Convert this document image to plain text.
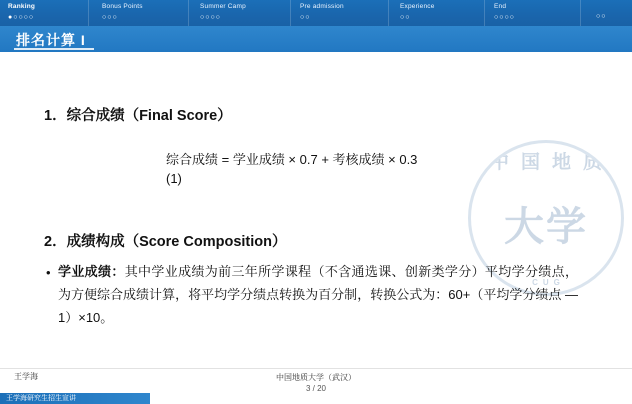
Ranking
●○○○○
Bonus Points
○○○
Summer Camp
○○○○
Pre admission
○○
Experience
○○
End
○○○○	○○
排名计算 I
中国地质
大学
CUG
1．综合成绩（Final Score）
综合成绩 = 学业成绩 × 0.7 + 考核成绩 × 0.3
(1)
2．成绩构成（Score Composition）
• 学业成绩：其中学业成绩为前三年所学课程（不含通选课、创新类学分）平均学分绩点，为方便综合成绩计算，将平均学分绩点转换为百分制，转换公式为：60+（平均学分绩点 —1）×10。
王学海	中国地质大学（武汉）
3 / 20
王学海研究生招生宣讲
